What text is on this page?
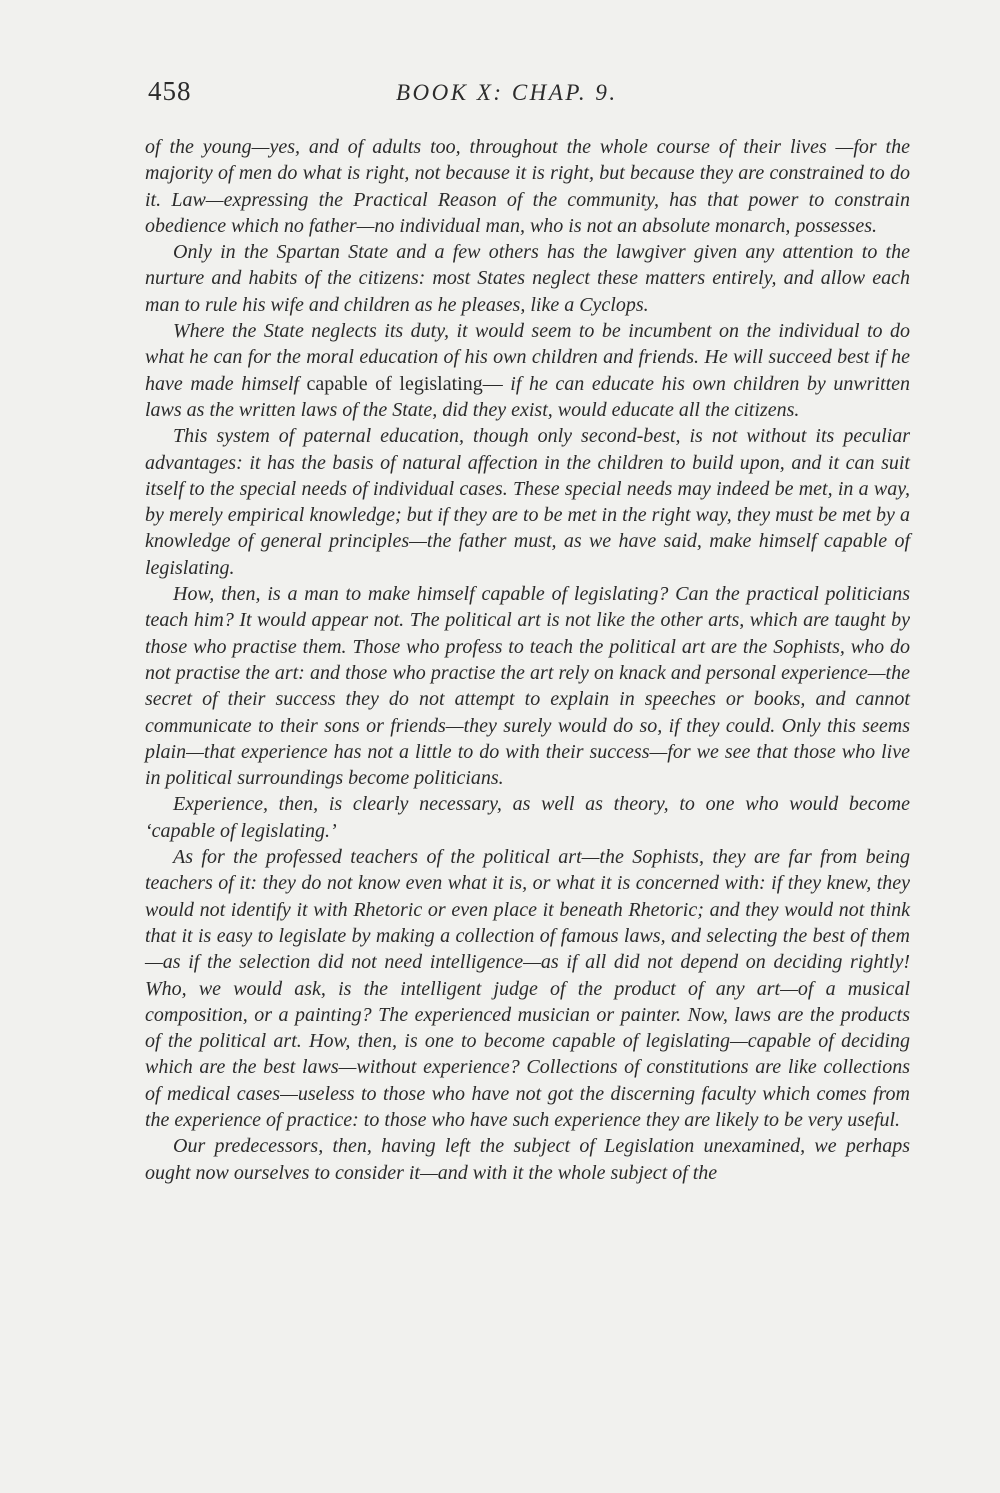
458	BOOK X: CHAP. 9.

of the young—yes, and of adults too, throughout the whole course of their lives —for the majority of men do what is right, not because it is right, but because they are constrained to do it. Law—expressing the Practical Reason of the community, has that power to constrain obedience which no father—no individual man, who is not an absolute monarch, possesses.

Only in the Spartan State and a few others has the lawgiver given any attention to the nurture and habits of the citizens: most States neglect these matters entirely, and allow each man to rule his wife and children as he pleases, like a Cyclops.

Where the State neglects its duty, it would seem to be incumbent on the individual to do what he can for the moral education of his own children and friends. He will succeed best if he have made himself capable of legislating— if he can educate his own children by unwritten laws as the written laws of the State, did they exist, would educate all the citizens.

This system of paternal education, though only second-best, is not without its peculiar advantages: it has the basis of natural affection in the children to build upon, and it can suit itself to the special needs of individual cases. These special needs may indeed be met, in a way, by merely empirical knowledge; but if they are to be met in the right way, they must be met by a knowledge of general principles—the father must, as we have said, make himself capable of legislating.

How, then, is a man to make himself capable of legislating? Can the practical politicians teach him? It would appear not. The political art is not like the other arts, which are taught by those who practise them. Those who profess to teach the political art are the Sophists, who do not practise the art: and those who practise the art rely on knack and personal experience—the secret of their success they do not attempt to explain in speeches or books, and cannot communicate to their sons or friends—they surely would do so, if they could. Only this seems plain—that experience has not a little to do with their success—for we see that those who live in political surroundings become politicians.

Experience, then, is clearly necessary, as well as theory, to one who would become ‘capable of legislating.’

As for the professed teachers of the political art—the Sophists, they are far from being teachers of it: they do not know even what it is, or what it is concerned with: if they knew, they would not identify it with Rhetoric or even place it beneath Rhetoric; and they would not think that it is easy to legislate by making a collection of famous laws, and selecting the best of them—as if the selection did not need intelligence—as if all did not depend on deciding rightly! Who, we would ask, is the intelligent judge of the product of any art—of a musical composition, or a painting? The experienced musician or painter. Now, laws are the products of the political art. How, then, is one to become capable of legislating—capable of deciding which are the best laws—without experience? Collections of constitutions are like collections of medical cases—useless to those who have not got the discerning faculty which comes from the experience of practice: to those who have such experience they are likely to be very useful.

Our predecessors, then, having left the subject of Legislation unexamined, we perhaps ought now ourselves to consider it—and with it the whole subject of the
